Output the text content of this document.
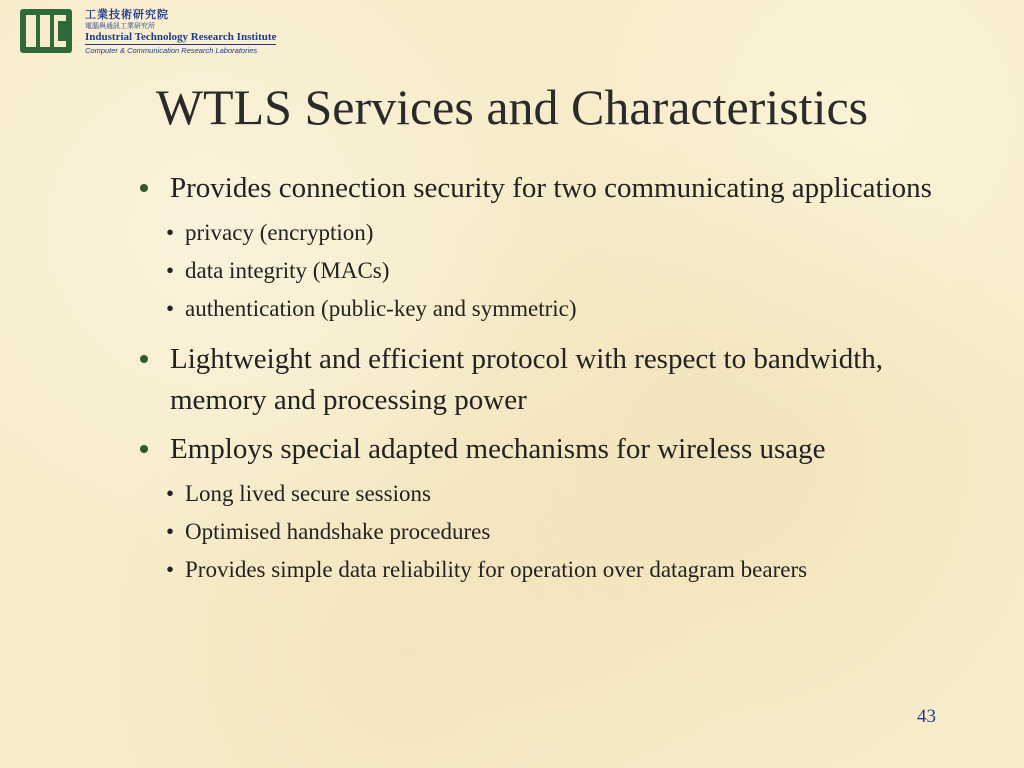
工業技術研究院
電腦與通訊工業研究所
Industrial Technology Research Institute
Computer & Communication Research Laboratories
WTLS Services and Characteristics
Provides connection security for two communicating applications
• privacy (encryption)
• data integrity (MACs)
• authentication (public-key and symmetric)
Lightweight and efficient protocol with respect to bandwidth, memory and processing power
Employs special adapted mechanisms for wireless usage
• Long lived secure sessions
• Optimised handshake procedures
• Provides simple data reliability for operation over datagram bearers
43
